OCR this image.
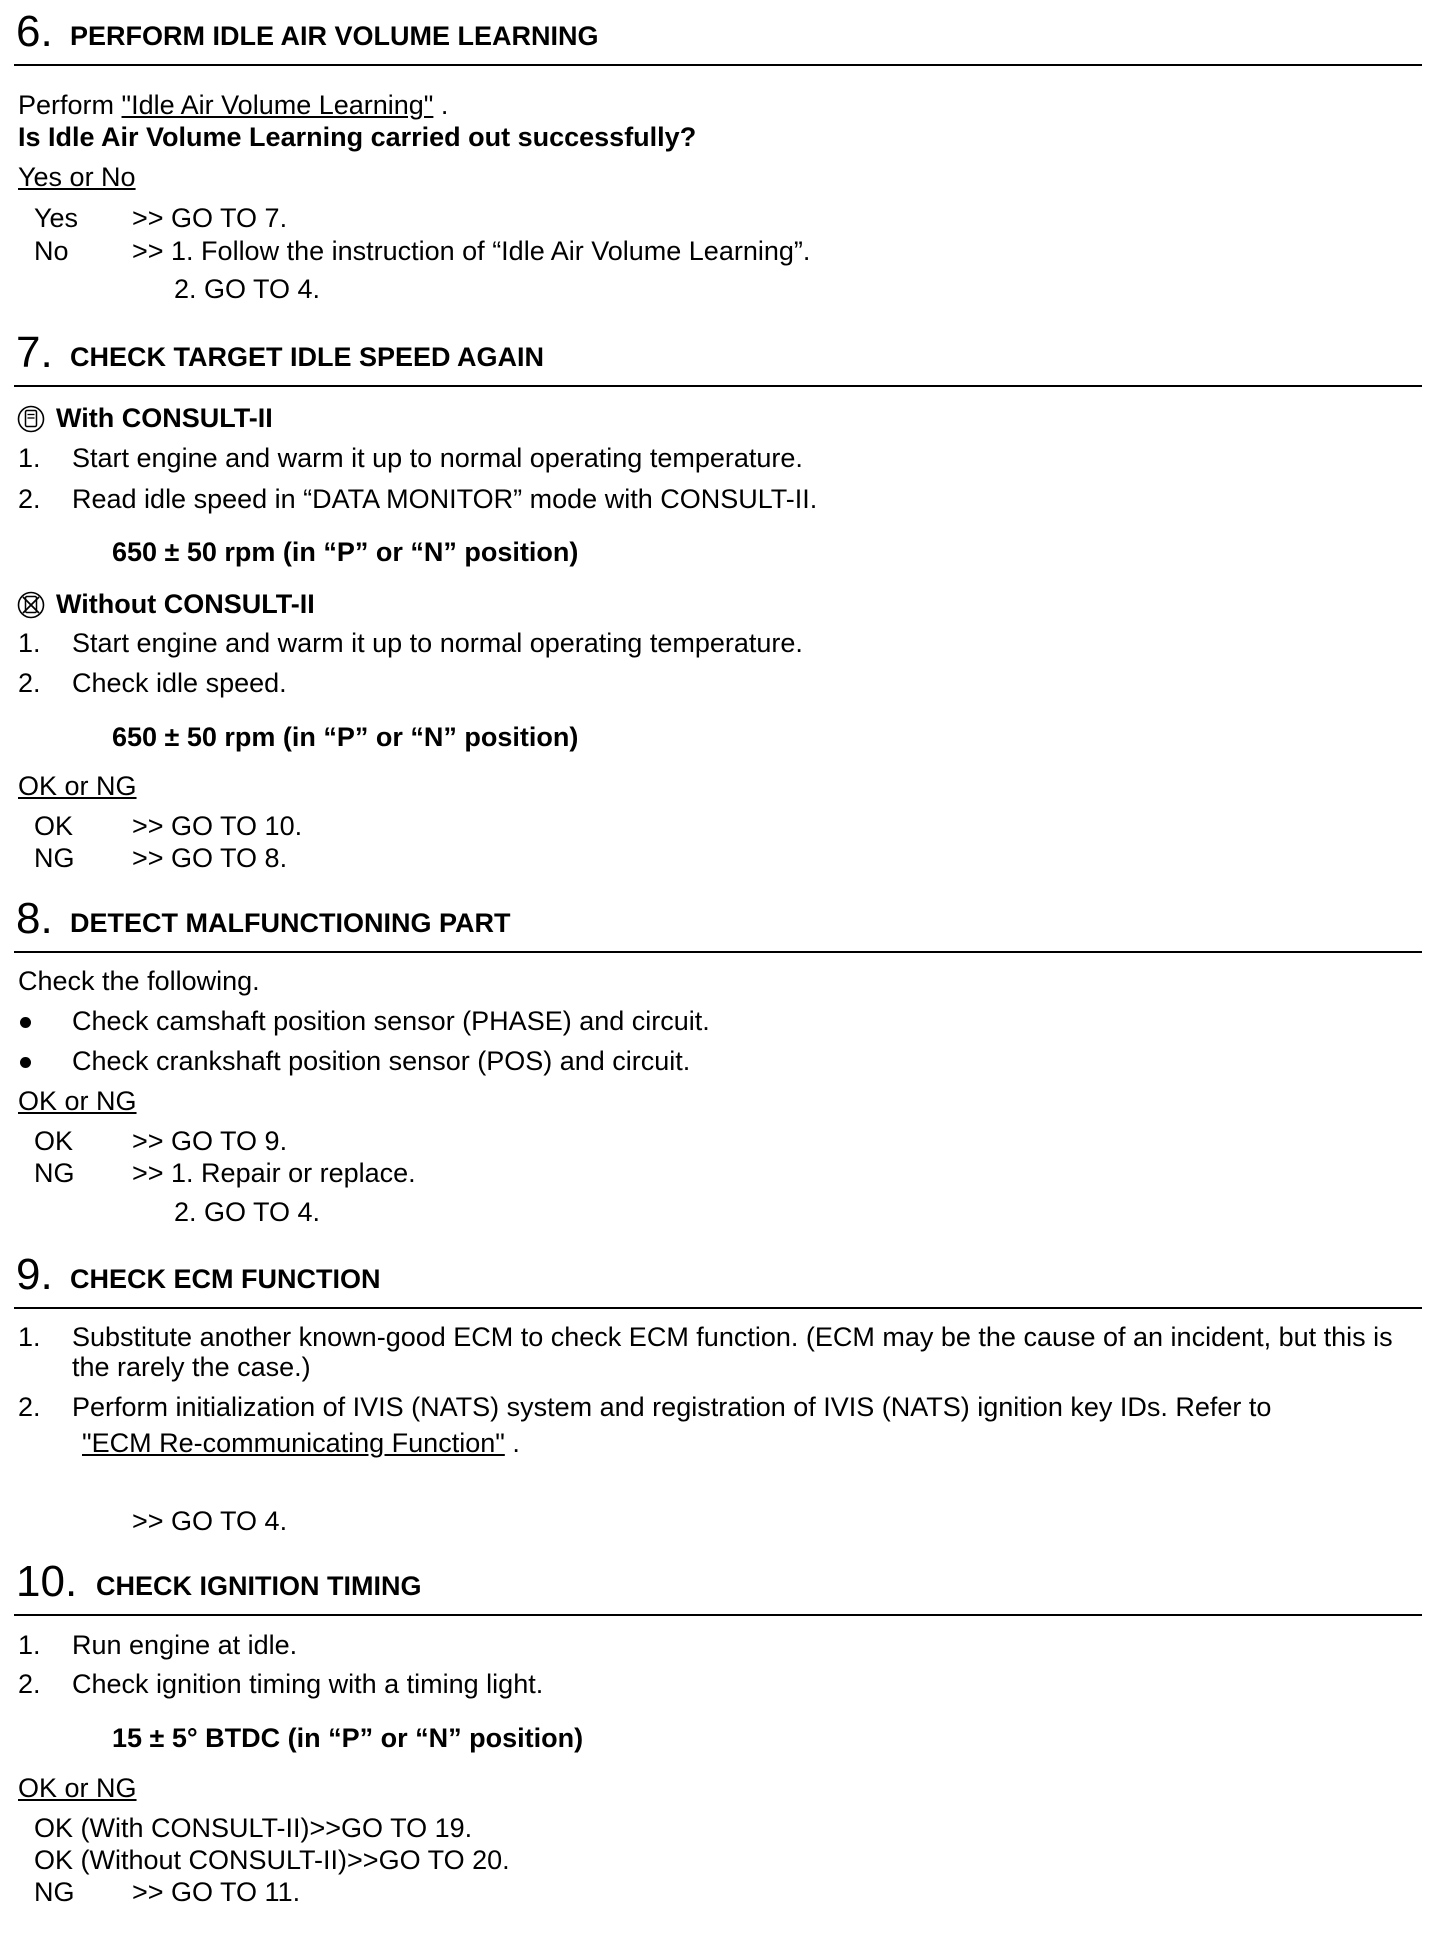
6. PERFORM IDLE AIR VOLUME LEARNING
Perform "Idle Air Volume Learning" .
Is Idle Air Volume Learning carried out successfully?
Yes or No
Yes >> GO TO 7.
No >> 1. Follow the instruction of “Idle Air Volume Learning”.
2. GO TO 4.
7. CHECK TARGET IDLE SPEED AGAIN
With CONSULT-II
1. Start engine and warm it up to normal operating temperature.
2. Read idle speed in “DATA MONITOR” mode with CONSULT-II.
650 ± 50 rpm (in “P” or “N” position)
Without CONSULT-II
1. Start engine and warm it up to normal operating temperature.
2. Check idle speed.
650 ± 50 rpm (in “P” or “N” position)
OK or NG
OK >> GO TO 10.
NG >> GO TO 8.
8. DETECT MALFUNCTIONING PART
Check the following.
Check camshaft position sensor (PHASE) and circuit.
Check crankshaft position sensor (POS) and circuit.
OK or NG
OK >> GO TO 9.
NG >> 1. Repair or replace.
2. GO TO 4.
9. CHECK ECM FUNCTION
1. Substitute another known-good ECM to check ECM function. (ECM may be the cause of an incident, but this is the rarely the case.)
2. Perform initialization of IVIS (NATS) system and registration of IVIS (NATS) ignition key IDs. Refer to
"ECM Re-communicating Function" .
>> GO TO 4.
10. CHECK IGNITION TIMING
1. Run engine at idle.
2. Check ignition timing with a timing light.
15 ± 5° BTDC (in “P” or “N” position)
OK or NG
OK (With CONSULT-II)>>GO TO 19.
OK (Without CONSULT-II)>>GO TO 20.
NG >> GO TO 11.
